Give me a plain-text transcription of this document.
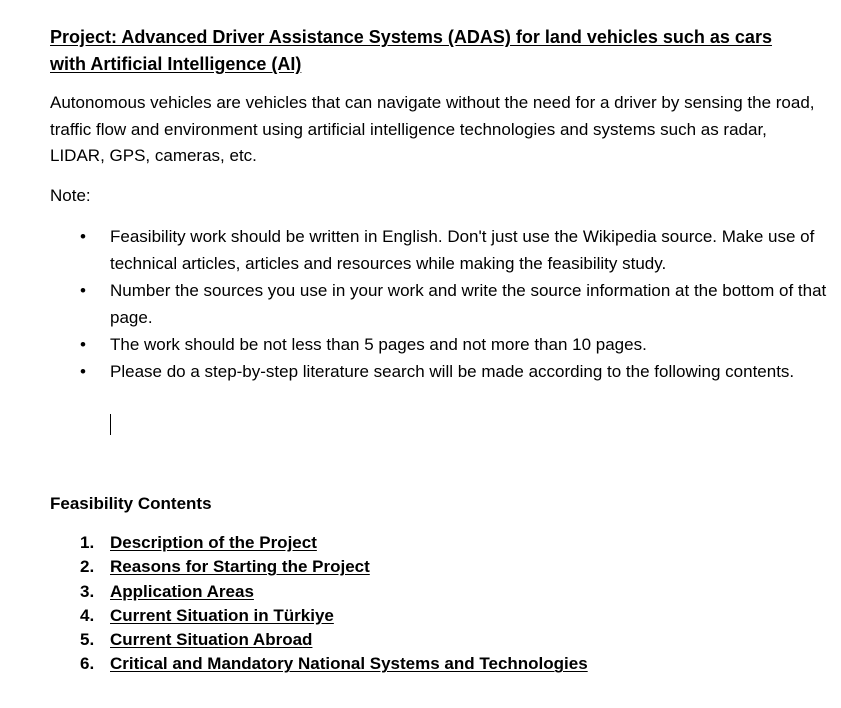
Project: Advanced Driver Assistance Systems (ADAS) for land vehicles such as cars with Artificial Intelligence (AI)
Autonomous vehicles are vehicles that can navigate without the need for a driver by sensing the road, traffic flow and environment using artificial intelligence technologies and systems such as radar, LIDAR, GPS, cameras, etc.
Note:
• Feasibility work should be written in English. Don't just use the Wikipedia source. Make use of technical articles, articles and resources while making the feasibility study.
• Number the sources you use in your work and write the source information at the bottom of that page.
• The work should be not less than 5 pages and not more than 10 pages.
• Please do a step-by-step literature search will be made according to the following contents.
Feasibility Contents
1. Description of the Project
2. Reasons for Starting the Project
3. Application Areas
4. Current Situation in Türkiye
5. Current Situation Abroad
6. Critical and Mandatory National Systems and Technologies
